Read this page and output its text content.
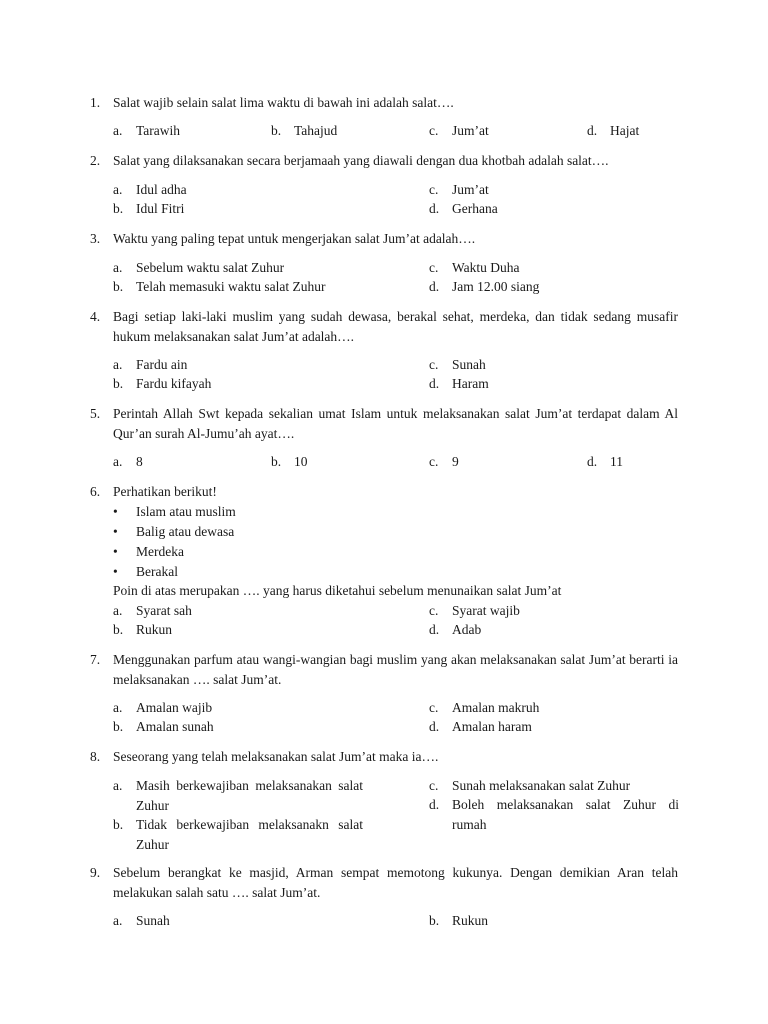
1. Salat wajib selain salat lima waktu di bawah ini adalah salat….
a. Tarawih	b. Tahajud	c. Jum’at	d. Hajat
2. Salat yang dilaksanakan secara berjamaah yang diawali dengan dua khotbah adalah salat….
a. Idul adha
b. Idul Fitri
c. Jum’at
d. Gerhana
3. Waktu yang paling tepat untuk mengerjakan salat Jum’at adalah….
a. Sebelum waktu salat Zuhur
b. Telah memasuki waktu salat Zuhur
c. Waktu Duha
d. Jam 12.00 siang
4. Bagi setiap laki-laki muslim yang sudah dewasa, berakal sehat, merdeka, dan tidak sedang musafir hukum melaksanakan salat Jum’at adalah….
a. Fardu ain
b. Fardu kifayah
c. Sunah
d. Haram
5. Perintah Allah Swt kepada sekalian umat Islam untuk melaksanakan salat Jum’at terdapat dalam Al Qur’an surah Al-Jumu’ah ayat….
a. 8	b. 10	c. 9	d. 11
6. Perhatikan berikut!
• Islam atau muslim
• Balig atau dewasa
• Merdeka
• Berakal
Poin di atas merupakan …. yang harus diketahui sebelum menunaikan salat Jum’at
a. Syarat sah
b. Rukun
c. Syarat wajib
d. Adab
7. Menggunakan parfum atau wangi-wangian bagi muslim yang akan melaksanakan salat Jum’at berarti ia melaksanakan …. salat Jum’at.
a. Amalan wajib
b. Amalan sunah
c. Amalan makruh
d. Amalan haram
8. Seseorang yang telah melaksanakan salat Jum’at maka ia….
a. Masih berkewajiban melaksanakan salat Zuhur
b. Tidak berkewajiban melaksanakn salat Zuhur
c. Sunah melaksanakan salat Zuhur
d. Boleh melaksanakan salat Zuhur di rumah
9. Sebelum berangkat ke masjid, Arman sempat memotong kukunya. Dengan demikian Aran telah melakukan salah satu …. salat Jum’at.
a. Sunah	b. Rukun
